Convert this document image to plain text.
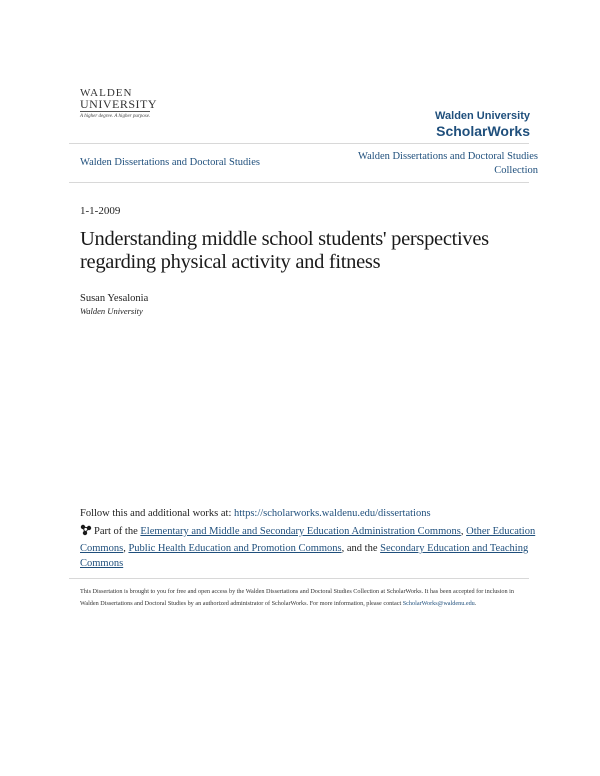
WALDEN
UNIVERSITY
A higher degree. A higher purpose.	Walden University
ScholarWorks
Walden Dissertations and Doctoral Studies
Walden Dissertations and Doctoral Studies Collection
1-1-2009
Understanding middle school students' perspectives regarding physical activity and fitness
Susan Yesalonia
Walden University
Follow this and additional works at: https://scholarworks.waldenu.edu/dissertations
Part of the Elementary and Middle and Secondary Education Administration Commons, Other Education Commons, Public Health Education and Promotion Commons, and the Secondary Education and Teaching Commons
This Dissertation is brought to you for free and open access by the Walden Dissertations and Doctoral Studies Collection at ScholarWorks. It has been accepted for inclusion in Walden Dissertations and Doctoral Studies by an authorized administrator of ScholarWorks. For more information, please contact ScholarWorks@waldenu.edu.
